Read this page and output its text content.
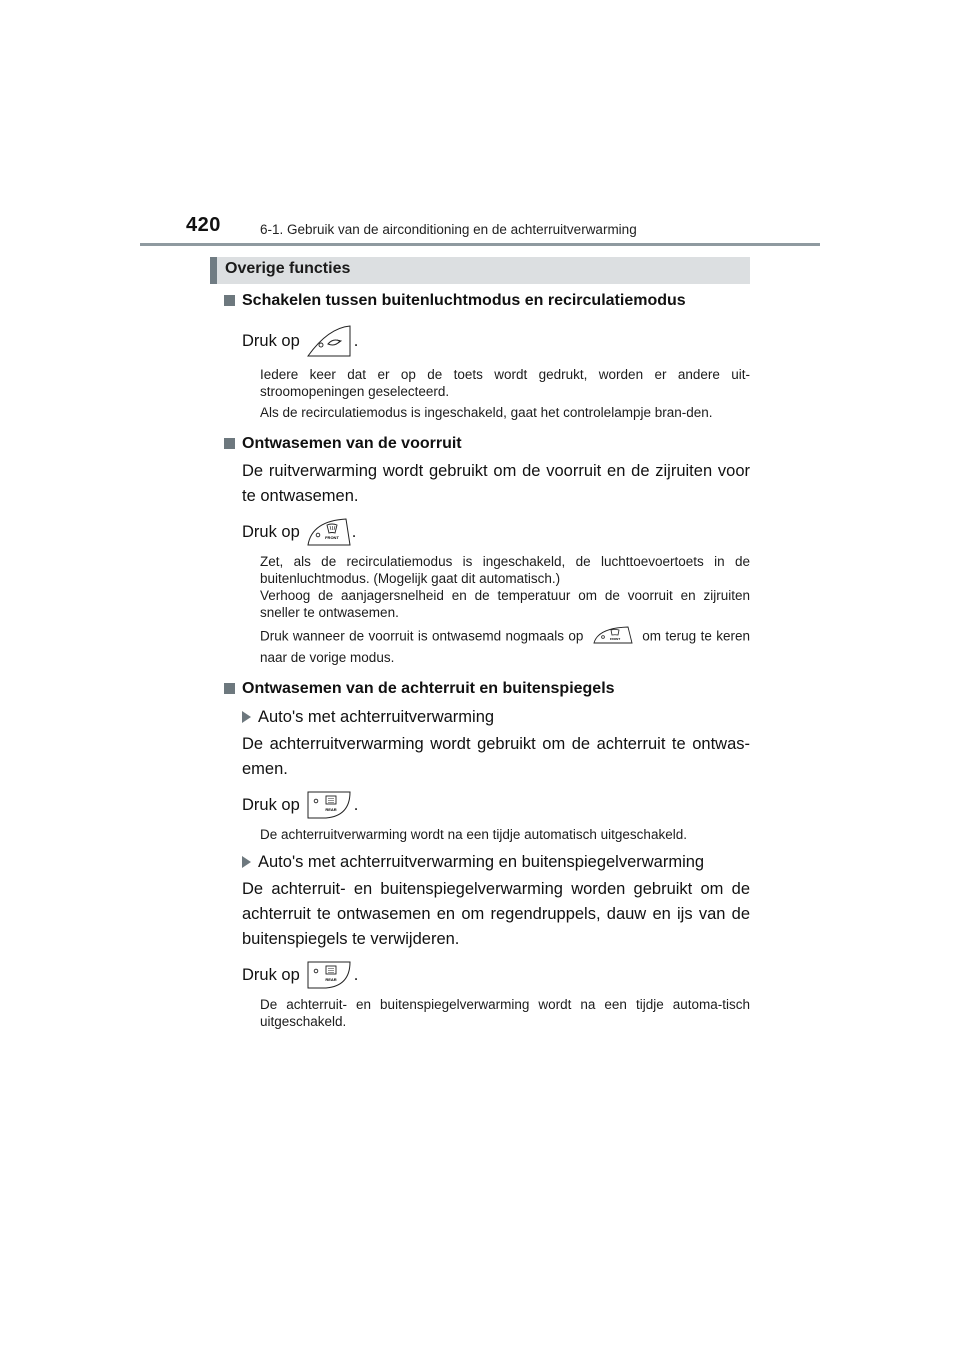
420	6-1. Gebruik van de airconditioning en de achterruitverwarming
Overige functies
Schakelen tussen buitenluchtmodus en recirculatiemodus
Druk op	.

Iedere keer dat er op de toets wordt gedrukt, worden er andere uit-stroomopeningen geselecteerd.

Als de recirculatiemodus is ingeschakeld, gaat het controlelampje bran-den.

Ontwasemen van de voorruit

De ruitverwarming wordt gebruikt om de voorruit en de zijruiten voor te ontwasemen.

Druk op	FRONT .

Zet, als de recirculatiemodus is ingeschakeld, de luchttoevoertoets in de buitenluchtmodus. (Mogelijk gaat dit automatisch.)

Verhoog de aanjagersnelheid en de temperatuur om de voorruit en zijruiten sneller te ontwasemen.

Druk wanneer de voorruit is ontwasemd nogmaals op	FRONT om terug te keren naar de vorige modus.

Ontwasemen van de achterruit en buitenspiegels
Auto's met achterruitverwarming

De achterruitverwarming wordt gebruikt om de achterruit te ontwas-emen.

Druk op	REAR .

De achterruitverwarming wordt na een tijdje automatisch uitgeschakeld.

Auto's met achterruitverwarming en buitenspiegelverwarming

De achterruit- en buitenspiegelverwarming worden gebruikt om de achterruit te ontwasemen en om regendruppels, dauw en ijs van de buitenspiegels te verwijderen.

Druk op	REAR .

De achterruit- en buitenspiegelverwarming wordt na een tijdje automa-tisch uitgeschakeld.
